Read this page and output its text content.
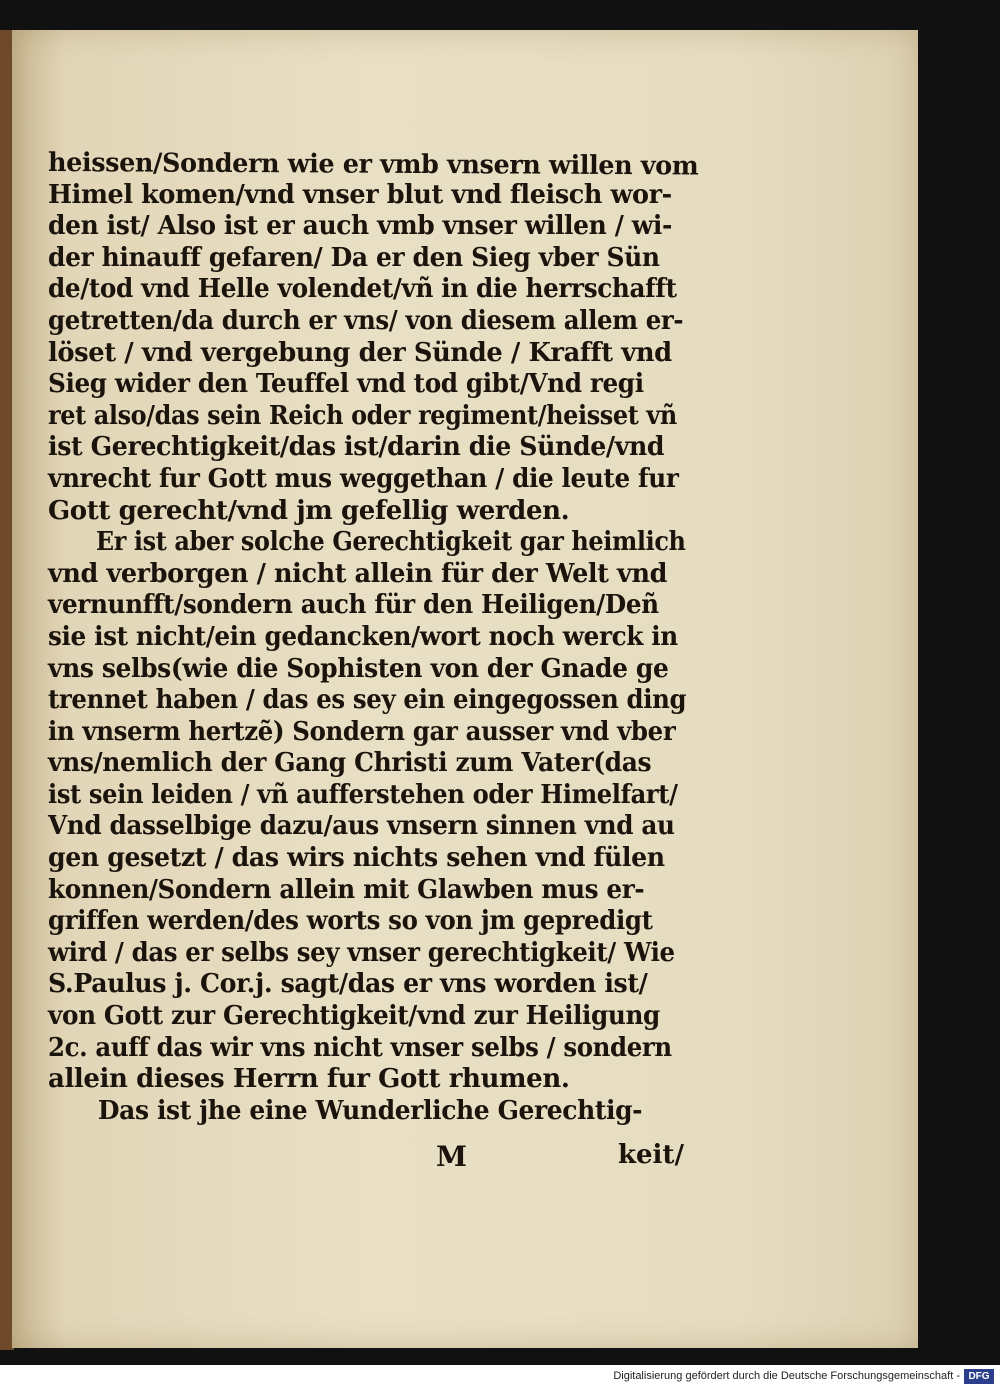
heissen/Sondern wie er vmb vnsern willen vom
Himel komen/vnd vnser blut vnd fleisch wor-
den ist/ Also ist er auch vmb vnser willen / wi-
der hinauff gefaren/ Da er den Sieg vber Sün
de/tod vnd Helle volendet/vñ in die herrschafft
getretten/da durch er vns/ von diesem allem er-
löset / vnd vergebung der Sünde / Krafft vnd
Sieg wider den Teuffel vnd tod gibt/Vnd regi
ret also/das sein Reich oder regiment/heisset vñ
ist Gerechtigkeit/das ist/darin die Sünde/vnd
vnrecht fur Gott mus weggethan / die leute fur
Gott gerecht/vnd jm gefellig werden.
Er ist aber solche Gerechtigkeit gar heimlich
vnd verborgen / nicht allein für der Welt vnd
vernunfft/sondern auch für den Heiligen/Deñ
sie ist nicht/ein gedancken/wort noch werck in
vns selbs(wie die Sophisten von der Gnade ge
trennet haben / das es sey ein eingegossen ding
in vnserm hertzẽ) Sondern gar ausser vnd vber
vns/nemlich der Gang Christi zum Vater(das
ist sein leiden / vñ aufferstehen oder Himelfart/
Vnd dasselbige dazu/aus vnsern sinnen vnd au
gen gesetzt / das wirs nichts sehen vnd fülen
konnen/Sondern allein mit Glawben mus er-
griffen werden/des worts so von jm gepredigt
wird / das er selbs sey vnser gerechtigkeit/ Wie
S.Paulus j. Cor.j. sagt/das er vns worden ist/
von Gott zur Gerechtigkeit/vnd zur Heiligung
2c. auff das wir vns nicht vnser selbs / sondern
allein dieses Herrn fur Gott rhumen.
Das ist jhe eine Wunderliche Gerechtig-
M	keit/
Digitalisierung gefördert durch die Deutsche Forschungsgemeinschaft - DFG
